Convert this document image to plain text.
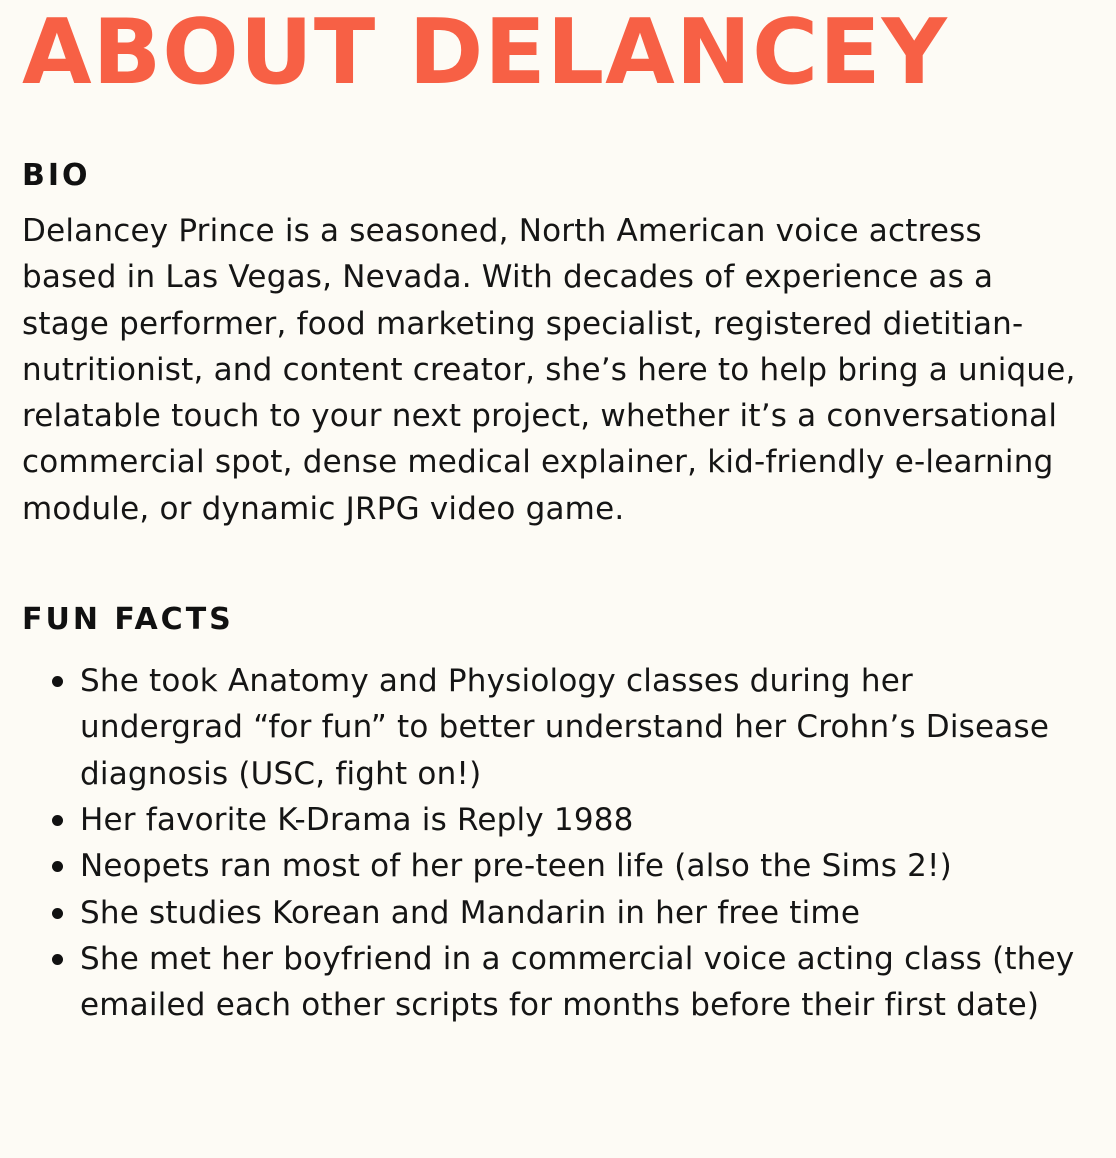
ABOUT DELANCEY
BIO

Delancey Prince is a seasoned, North American voice actress based in Las Vegas, Nevada. With decades of experience as a stage performer, food marketing specialist, registered dietitian-nutritionist, and content creator, she’s here to help bring a unique, relatable touch to your next project, whether it’s a conversational commercial spot, dense medical explainer, kid-friendly e-learning module, or dynamic JRPG video game.

FUN FACTS
She took Anatomy and Physiology classes during her undergrad “for fun” to better understand her Crohn’s Disease diagnosis (USC, fight on!)
Her favorite K-Drama is Reply 1988
Neopets ran most of her pre-teen life (also the Sims 2!)
She studies Korean and Mandarin in her free time
She met her boyfriend in a commercial voice acting class (they emailed each other scripts for months before their first date)
